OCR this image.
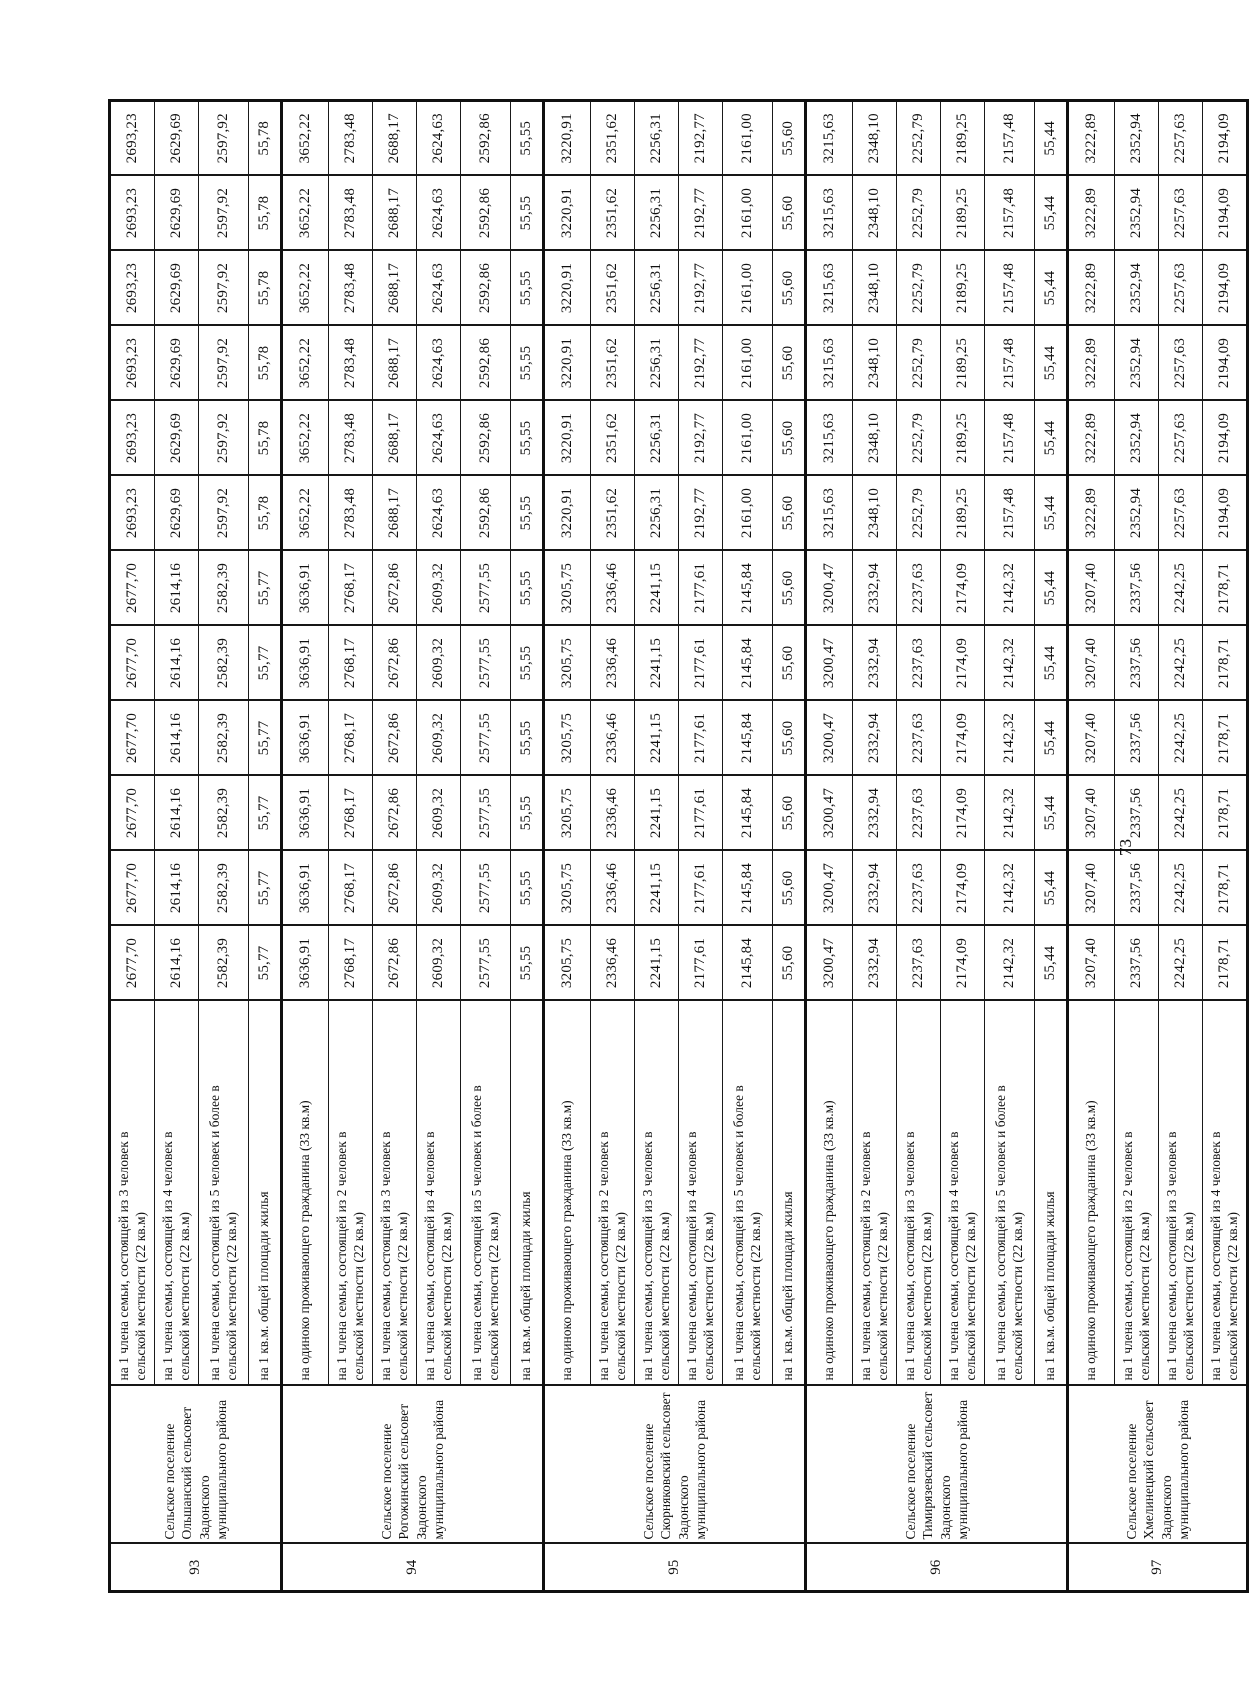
93	Сельское поселение Ольшанский сельсовет Задонского муниципального района	на 1 члена семьи, состоящей из 3 человек в сельской местности (22 кв.м)	2677,70	2677,70	2677,70	2677,70	2677,70	2677,70	2693,23	2693,23	2693,23	2693,23	2693,23	2693,23
		на 1 члена семьи, состоящей из 4 человек в сельской местности (22 кв.м)	2614,16	2614,16	2614,16	2614,16	2614,16	2614,16	2629,69	2629,69	2629,69	2629,69	2629,69	2629,69
		на 1 члена семьи, состоящей из 5 человек и более в сельской местности (22 кв.м)	2582,39	2582,39	2582,39	2582,39	2582,39	2582,39	2597,92	2597,92	2597,92	2597,92	2597,92	2597,92
		на 1 кв.м. общей площади жилья	55,77	55,77	55,77	55,77	55,77	55,77	55,78	55,78	55,78	55,78	55,78	55,78
94	Сельское поселение Рогожинский сельсовет Задонского муниципального района	на одиноко проживающего гражданина (33 кв.м)	3636,91	3636,91	3636,91	3636,91	3636,91	3636,91	3652,22	3652,22	3652,22	3652,22	3652,22	3652,22
		на 1 члена семьи, состоящей из 2 человек в сельской местности (22 кв.м)	2768,17	2768,17	2768,17	2768,17	2768,17	2768,17	2783,48	2783,48	2783,48	2783,48	2783,48	2783,48
		на 1 члена семьи, состоящей из 3 человек в сельской местности (22 кв.м)	2672,86	2672,86	2672,86	2672,86	2672,86	2672,86	2688,17	2688,17	2688,17	2688,17	2688,17	2688,17
		на 1 члена семьи, состоящей из 4 человек в сельской местности (22 кв.м)	2609,32	2609,32	2609,32	2609,32	2609,32	2609,32	2624,63	2624,63	2624,63	2624,63	2624,63	2624,63
		на 1 члена семьи, состоящей из 5 человек и более в сельской местности (22 кв.м)	2577,55	2577,55	2577,55	2577,55	2577,55	2577,55	2592,86	2592,86	2592,86	2592,86	2592,86	2592,86
		на 1 кв.м. общей площади жилья	55,55	55,55	55,55	55,55	55,55	55,55	55,55	55,55	55,55	55,55	55,55	55,55
95	Сельское поселение Скорняковский сельсовет Задонского муниципального района	на одиноко проживающего гражданина (33 кв.м)	3205,75	3205,75	3205,75	3205,75	3205,75	3205,75	3220,91	3220,91	3220,91	3220,91	3220,91	3220,91
		на 1 члена семьи, состоящей из 2 человек в сельской местности (22 кв.м)	2336,46	2336,46	2336,46	2336,46	2336,46	2336,46	2351,62	2351,62	2351,62	2351,62	2351,62	2351,62
		на 1 члена семьи, состоящей из 3 человек в сельской местности (22 кв.м)	2241,15	2241,15	2241,15	2241,15	2241,15	2241,15	2256,31	2256,31	2256,31	2256,31	2256,31	2256,31
		на 1 члена семьи, состоящей из 4 человек в сельской местности (22 кв.м)	2177,61	2177,61	2177,61	2177,61	2177,61	2177,61	2192,77	2192,77	2192,77	2192,77	2192,77	2192,77
		на 1 члена семьи, состоящей из 5 человек и более в сельской местности (22 кв.м)	2145,84	2145,84	2145,84	2145,84	2145,84	2145,84	2161,00	2161,00	2161,00	2161,00	2161,00	2161,00
		на 1 кв.м. общей площади жилья	55,60	55,60	55,60	55,60	55,60	55,60	55,60	55,60	55,60	55,60	55,60	55,60
96	Сельское поселение Тимирязевский сельсовет Задонского муниципального района	на одиноко проживающего гражданина (33 кв.м)	3200,47	3200,47	3200,47	3200,47	3200,47	3200,47	3215,63	3215,63	3215,63	3215,63	3215,63	3215,63
		на 1 члена семьи, состоящей из 2 человек в сельской местности (22 кв.м)	2332,94	2332,94	2332,94	2332,94	2332,94	2332,94	2348,10	2348,10	2348,10	2348,10	2348,10	2348,10
		на 1 члена семьи, состоящей из 3 человек в сельской местности (22 кв.м)	2237,63	2237,63	2237,63	2237,63	2237,63	2237,63	2252,79	2252,79	2252,79	2252,79	2252,79	2252,79
		на 1 члена семьи, состоящей из 4 человек в сельской местности (22 кв.м)	2174,09	2174,09	2174,09	2174,09	2174,09	2174,09	2189,25	2189,25	2189,25	2189,25	2189,25	2189,25
		на 1 члена семьи, состоящей из 5 человек и более в сельской местности (22 кв.м)	2142,32	2142,32	2142,32	2142,32	2142,32	2142,32	2157,48	2157,48	2157,48	2157,48	2157,48	2157,48
		на 1 кв.м. общей площади жилья	55,44	55,44	55,44	55,44	55,44	55,44	55,44	55,44	55,44	55,44	55,44	55,44
97	Сельское поселение Хмелинецкий сельсовет Задонского муниципального района	на одиноко проживающего гражданина (33 кв.м)	3207,40	3207,40	3207,40	3207,40	3207,40	3207,40	3222,89	3222,89	3222,89	3222,89	3222,89	3222,89
		на 1 члена семьи, состоящей из 2 человек в сельской местности (22 кв.м)	2337,56	2337,56	2337,56	2337,56	2337,56	2337,56	2352,94	2352,94	2352,94	2352,94	2352,94	2352,94
		на 1 члена семьи, состоящей из 3 человек в сельской местности (22 кв.м)	2242,25	2242,25	2242,25	2242,25	2242,25	2242,25	2257,63	2257,63	2257,63	2257,63	2257,63	2257,63
		на 1 члена семьи, состоящей из 4 человек в сельской местности (22 кв.м)	2178,71	2178,71	2178,71	2178,71	2178,71	2178,71	2194,09	2194,09	2194,09	2194,09	2194,09	2194,09
73
